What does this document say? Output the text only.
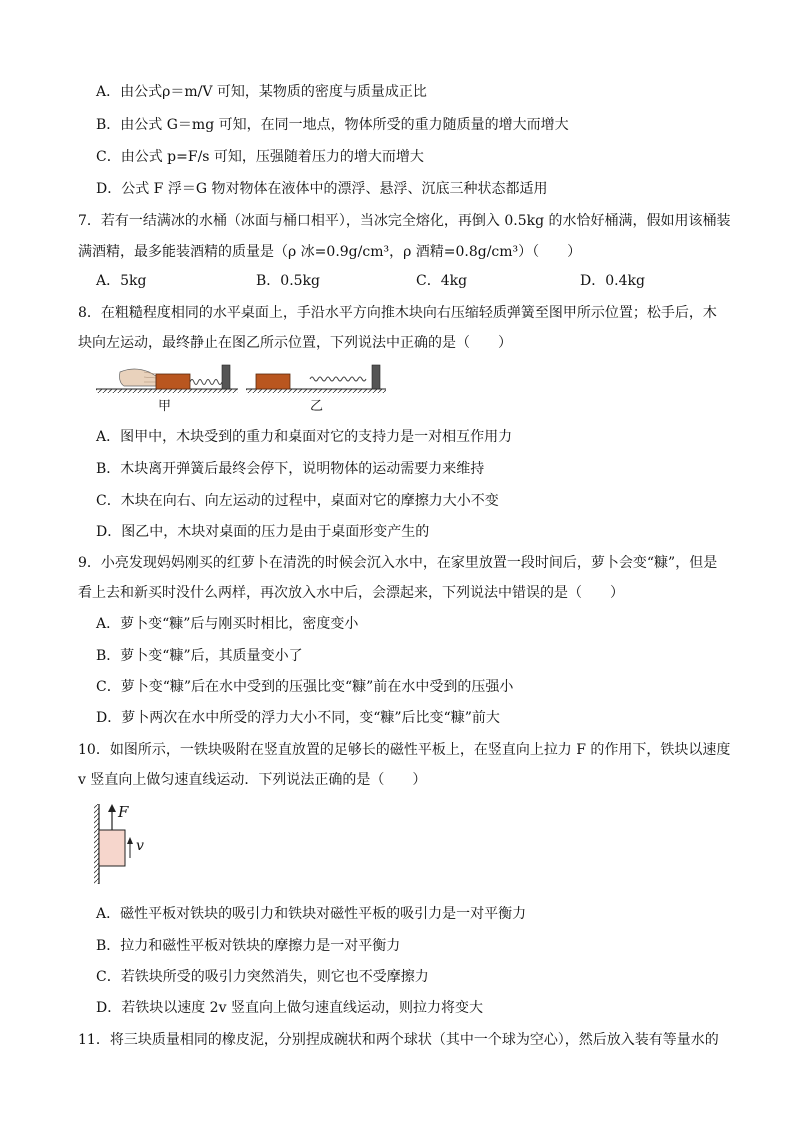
A．由公式ρ＝m/V 可知，某物质的密度与质量成正比
B．由公式 G＝mg 可知，在同一地点，物体所受的重力随质量的增大而增大
C．由公式 p=F/s 可知，压强随着压力的增大而增大
D．公式 F 浮＝G 物对物体在液体中的漂浮、悬浮、沉底三种状态都适用
7．若有一结满冰的水桶（冰面与桶口相平），当冰完全熔化，再倒入 0.5kg 的水恰好桶满，假如用该桶装
满酒精，最多能装酒精的质量是（ρ 冰=0.9g/cm³，ρ 酒精=0.8g/cm³）（　　）
A．5kg	B．0.5kg	C．4kg	D．0.4kg
8．在粗糙程度相同的水平桌面上，手沿水平方向推木块向右压缩轻质弹簧至图甲所示位置；松手后，木
块向左运动，最终静止在图乙所示位置，下列说法中正确的是（　　）
甲	乙
A．图甲中，木块受到的重力和桌面对它的支持力是一对相互作用力
B．木块离开弹簧后最终会停下，说明物体的运动需要力来维持
C．木块在向右、向左运动的过程中，桌面对它的摩擦力大小不变
D．图乙中，木块对桌面的压力是由于桌面形变产生的
9．小亮发现妈妈刚买的红萝卜在清洗的时候会沉入水中，在家里放置一段时间后，萝卜会变“糠”，但是
看上去和新买时没什么两样，再次放入水中后，会漂起来，下列说法中错误的是（　　）
A．萝卜变“糠”后与刚买时相比，密度变小
B．萝卜变“糠”后，其质量变小了
C．萝卜变“糠”后在水中受到的压强比变“糠”前在水中受到的压强小
D．萝卜两次在水中所受的浮力大小不同，变“糠”后比变“糠”前大
10．如图所示，一铁块吸附在竖直放置的足够长的磁性平板上，在竖直向上拉力 F 的作用下，铁块以速度
v 竖直向上做匀速直线运动．下列说法正确的是（　　）
F
v
A．磁性平板对铁块的吸引力和铁块对磁性平板的吸引力是一对平衡力
B．拉力和磁性平板对铁块的摩擦力是一对平衡力
C．若铁块所受的吸引力突然消失，则它也不受摩擦力
D．若铁块以速度 2v 竖直向上做匀速直线运动，则拉力将变大
11．将三块质量相同的橡皮泥，分别捏成碗状和两个球状（其中一个球为空心），然后放入装有等量水的
